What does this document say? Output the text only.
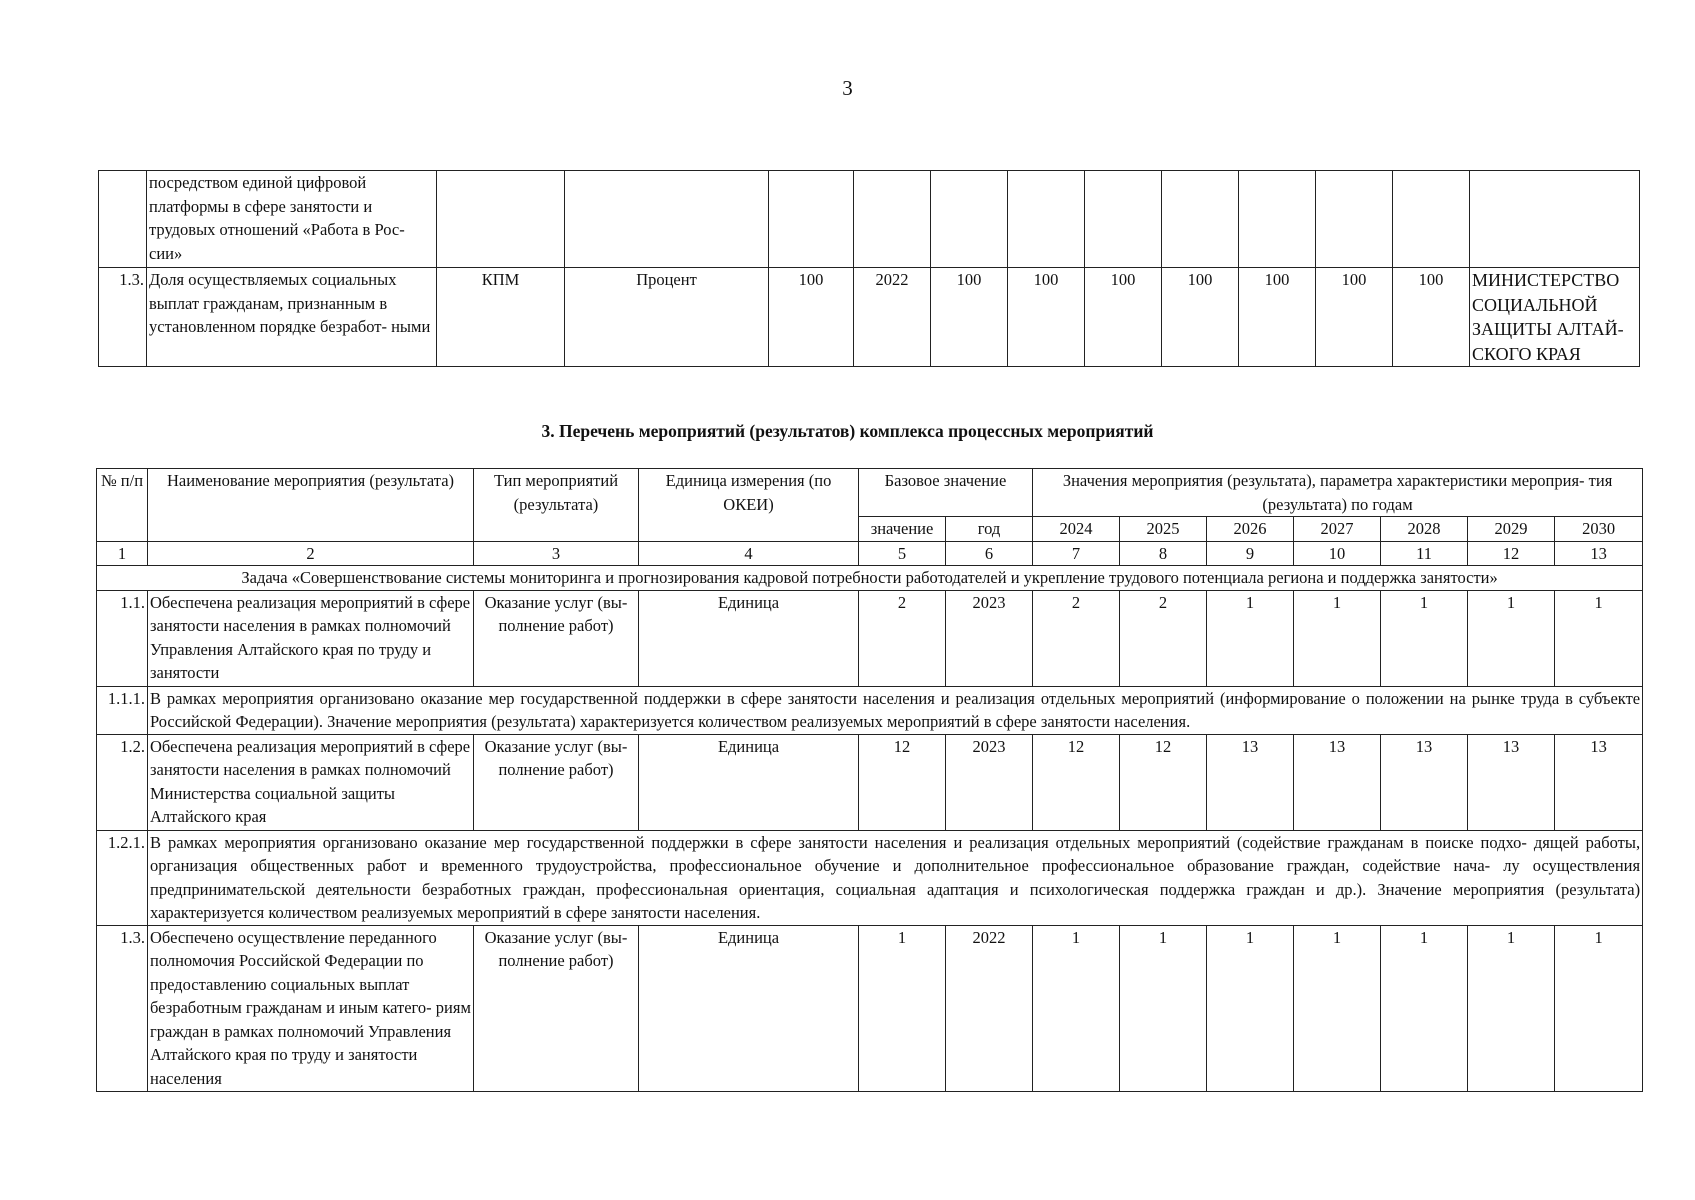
3
	посредством единой цифровой платформы в сфере занятости и трудовых отношений «Работа в Рос- сии»												
1.3.	Доля осуществляемых социальных выплат гражданам, признанным в установленном порядке безработ- ными	КПМ	Процент	100	2022	100	100	100	100	100	100	100	МИНИСТЕРСТВО СОЦИАЛЬНОЙ ЗАЩИТЫ АЛТАЙ- СКОГО КРАЯ
3. Перечень мероприятий (результатов) комплекса процессных мероприятий
№ п/п	Наименование мероприятия (результата)	Тип мероприятий (результата)	Единица измерения (по ОКЕИ)	Базовое значение		Значения мероприятия (результата), параметра характеристики мероприя- тия (результата) по годам						
				значение	год	2024	2025	2026	2027	2028	2029	2030
1	2	3	4	5	6	7	8	9	10	11	12	13
Задача «Совершенствование системы мониторинга и прогнозирования кадровой потребности работодателей и укрепление трудового потенциала региона и поддержка занятости»												
1.1.	Обеспечена реализация мероприятий в сфере занятости населения в рамках полномочий Управления Алтайского края по труду и занятости	Оказание услуг (вы- полнение работ)	Единица	2	2023	2	2	1	1	1	1	1
1.1.1.	В рамках мероприятия организовано оказание мер государственной поддержки в сфере занятости населения и реализация отдельных мероприятий (информирование о положении на рынке труда в субъекте Российской Федерации). Значение мероприятия (результата) характеризуется количеством реализуемых мероприятий в сфере занятости населения.											
1.2.	Обеспечена реализация мероприятий в сфере занятости населения в рамках полномочий Министерства социальной защиты Алтайского края	Оказание услуг (вы- полнение работ)	Единица	12	2023	12	12	13	13	13	13	13
1.2.1.	В рамках мероприятия организовано оказание мер государственной поддержки в сфере занятости населения и реализация отдельных мероприятий (содействие гражданам в поиске подхо- дящей работы, организация общественных работ и временного трудоустройства, профессиональное обучение и дополнительное профессиональное образование граждан, содействие нача- лу осуществления предпринимательской деятельности безработных граждан, профессиональная ориентация, социальная адаптация и психологическая поддержка граждан и др.). Значение мероприятия (результата) характеризуется количеством реализуемых мероприятий в сфере занятости населения.											
1.3.	Обеспечено осуществление переданного полномочия Российской Федерации по предоставлению социальных выплат безработным гражданам и иным катего- риям граждан в рамках полномочий Управления Алтайского края по труду и занятости населения	Оказание услуг (вы- полнение работ)	Единица	1	2022	1	1	1	1	1	1	1
